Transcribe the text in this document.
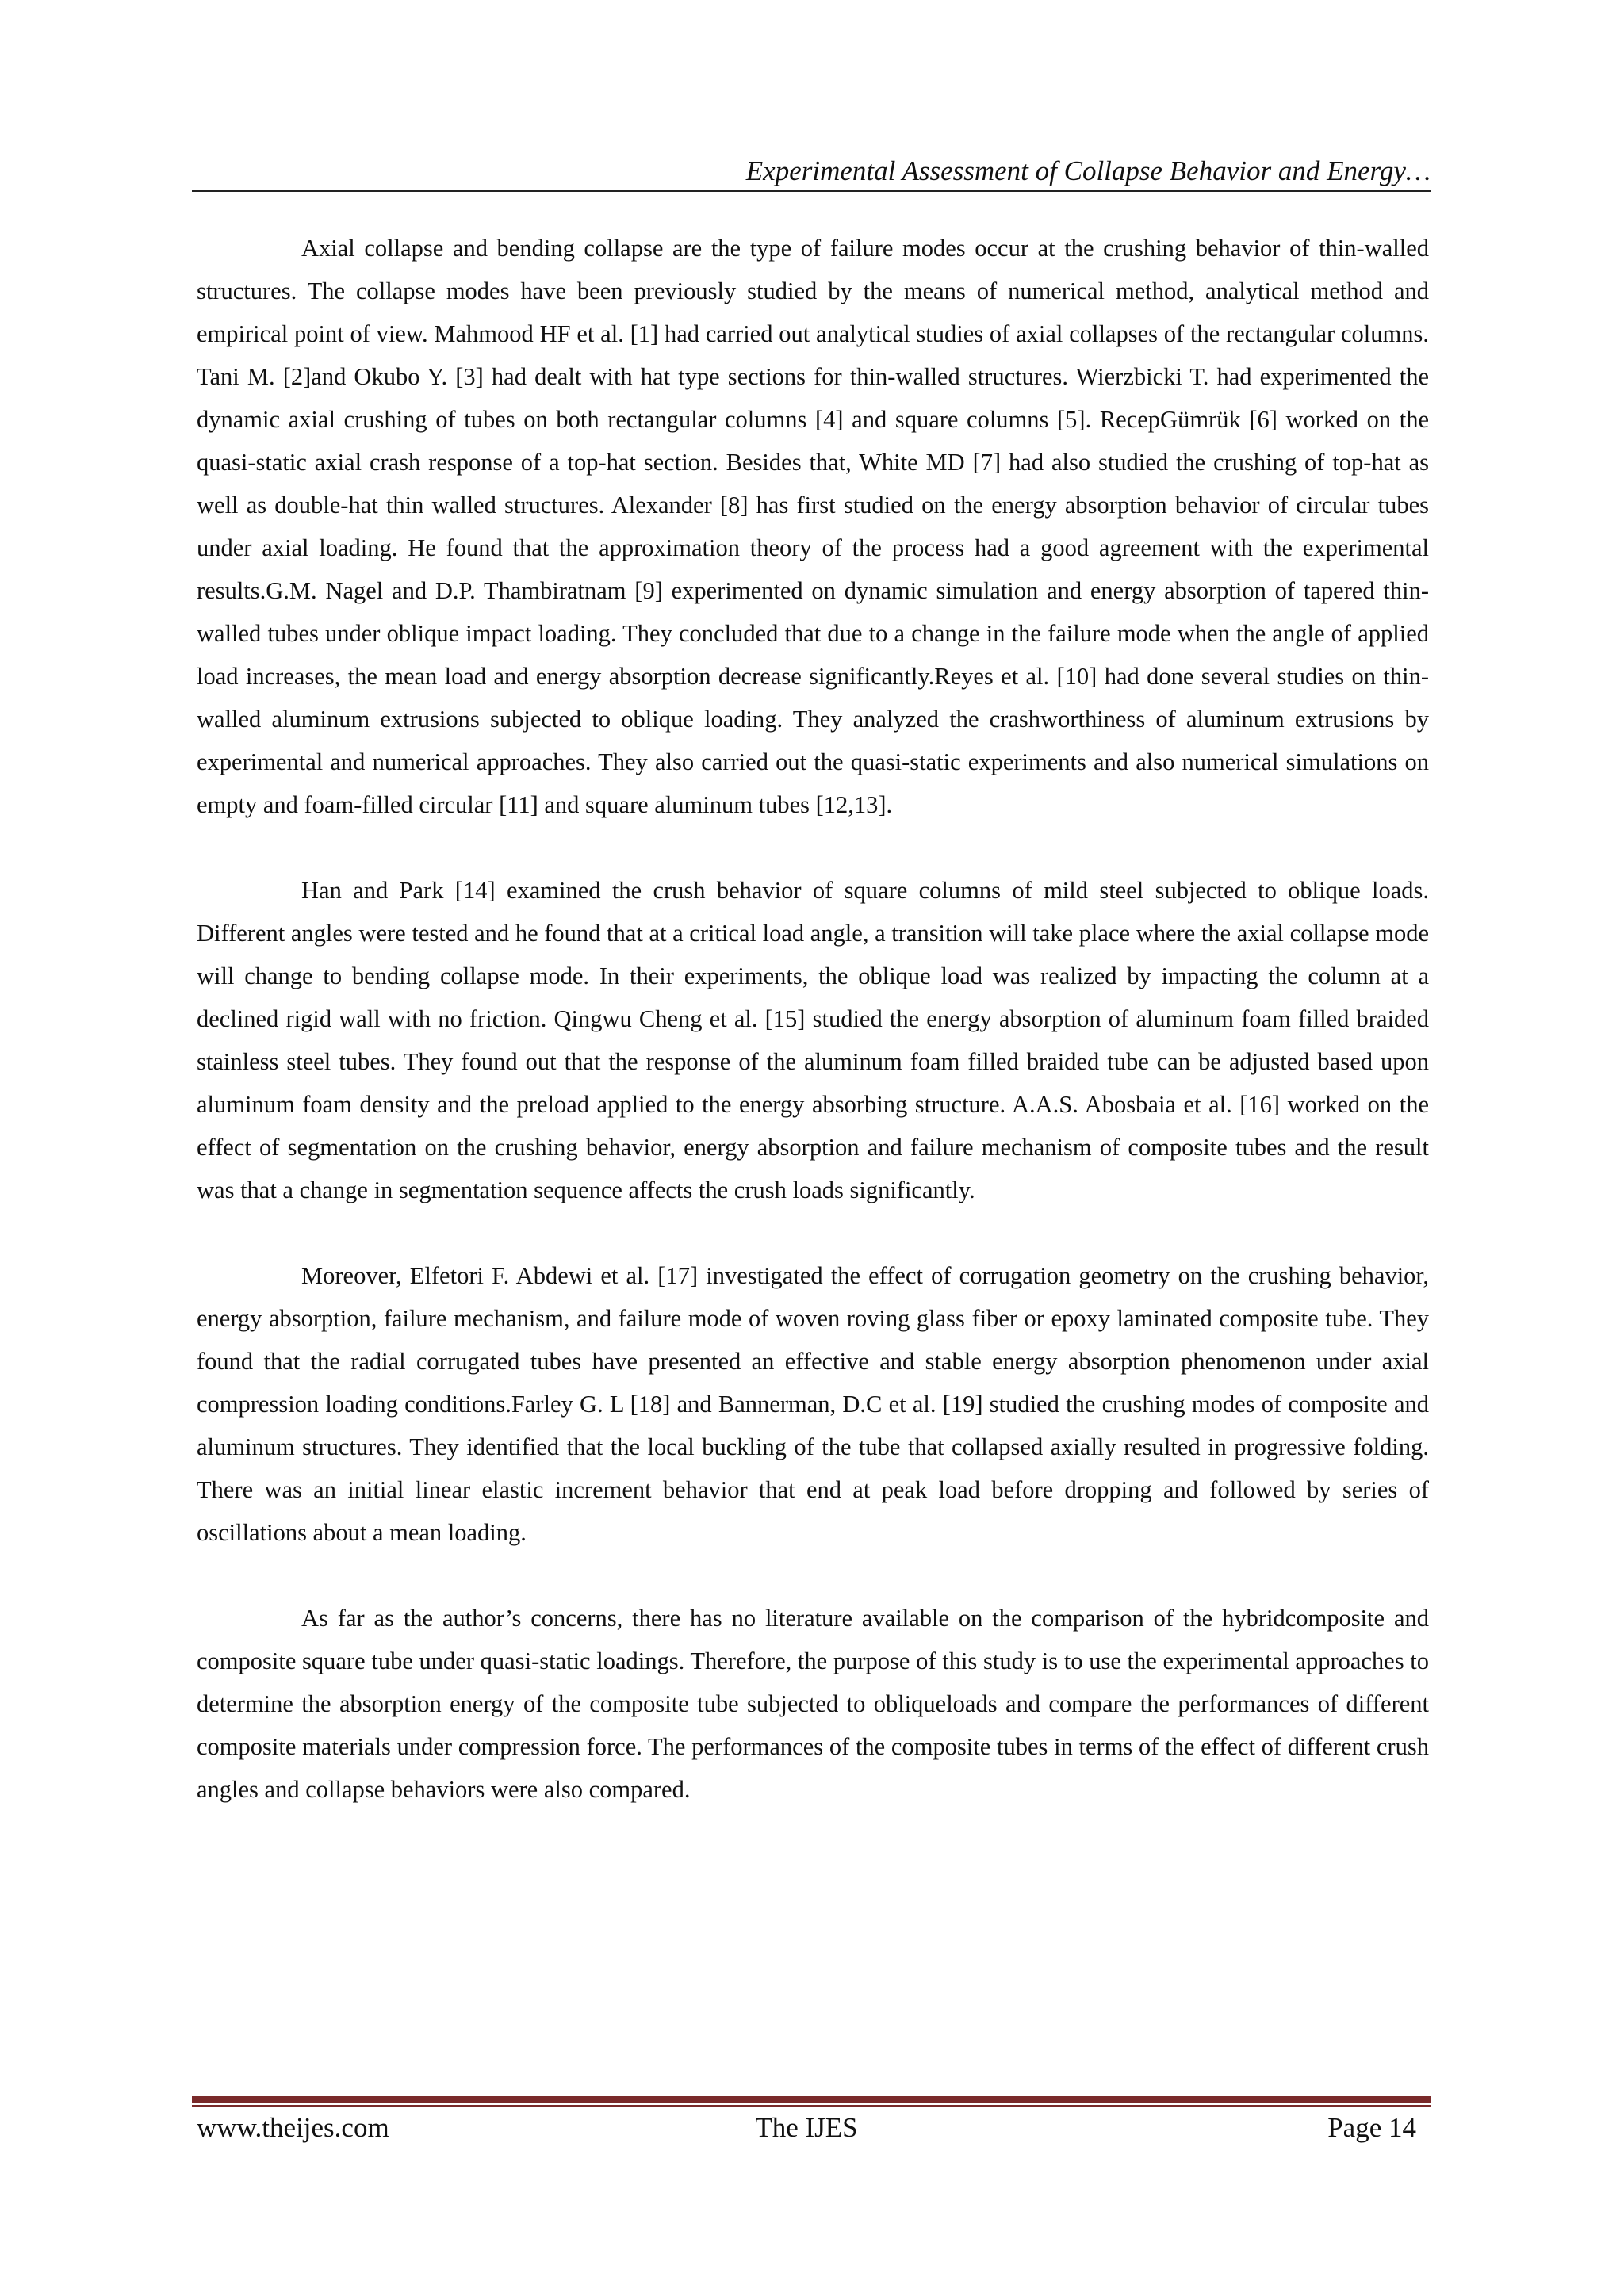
Experimental Assessment of Collapse Behavior and Energy…

Axial collapse and bending collapse are the type of failure modes occur at the crushing behavior of thin-walled structures. The collapse modes have been previously studied by the means of numerical method, analytical method and empirical point of view. Mahmood HF et al. [1] had carried out analytical studies of axial collapses of the rectangular columns. Tani M. [2]and Okubo Y. [3] had dealt with hat type sections for thin-walled structures. Wierzbicki T. had experimented the dynamic axial crushing of tubes on both rectangular columns [4] and square columns [5]. RecepGümrük [6] worked on the quasi-static axial crash response of a top-hat section. Besides that, White MD [7] had also studied the crushing of top-hat as well as double-hat thin walled structures. Alexander [8] has first studied on the energy absorption behavior of circular tubes under axial loading. He found that the approximation theory of the process had a good agreement with the experimental results.G.M. Nagel and D.P. Thambiratnam [9] experimented on dynamic simulation and energy absorption of tapered thin-walled tubes under oblique impact loading. They concluded that due to a change in the failure mode when the angle of applied load increases, the mean load and energy absorption decrease significantly.Reyes et al. [10] had done several studies on thin-walled aluminum extrusions subjected to oblique loading. They analyzed the crashworthiness of aluminum extrusions by experimental and numerical approaches. They also carried out the quasi-static experiments and also numerical simulations on empty and foam-filled circular [11] and square aluminum tubes [12,13].

Han and Park [14] examined the crush behavior of square columns of mild steel subjected to oblique loads. Different angles were tested and he found that at a critical load angle, a transition will take place where the axial collapse mode will change to bending collapse mode. In their experiments, the oblique load was realized by impacting the column at a declined rigid wall with no friction. Qingwu Cheng et al. [15] studied the energy absorption of aluminum foam filled braided stainless steel tubes. They found out that the response of the aluminum foam filled braided tube can be adjusted based upon aluminum foam density and the preload applied to the energy absorbing structure. A.A.S. Abosbaia et al. [16] worked on the effect of segmentation on the crushing behavior, energy absorption and failure mechanism of composite tubes and the result was that a change in segmentation sequence affects the crush loads significantly.

Moreover, Elfetori F. Abdewi et al. [17] investigated the effect of corrugation geometry on the crushing behavior, energy absorption, failure mechanism, and failure mode of woven roving glass fiber or epoxy laminated composite tube. They found that the radial corrugated tubes have presented an effective and stable energy absorption phenomenon under axial compression loading conditions.Farley G. L [18] and Bannerman, D.C et al. [19] studied the crushing modes of composite and aluminum structures. They identified that the local buckling of the tube that collapsed axially resulted in progressive folding. There was an initial linear elastic increment behavior that end at peak load before dropping and followed by series of oscillations about a mean loading.

As far as the author’s concerns, there has no literature available on the comparison of the hybridcomposite and composite square tube under quasi-static loadings. Therefore, the purpose of this study is to use the experimental approaches to determine the absorption energy of the composite tube subjected to obliqueloads and compare the performances of different composite materials under compression force. The performances of the composite tubes in terms of the effect of different crush angles and collapse behaviors were also compared.

www.theijes.com	The IJES	Page 14
